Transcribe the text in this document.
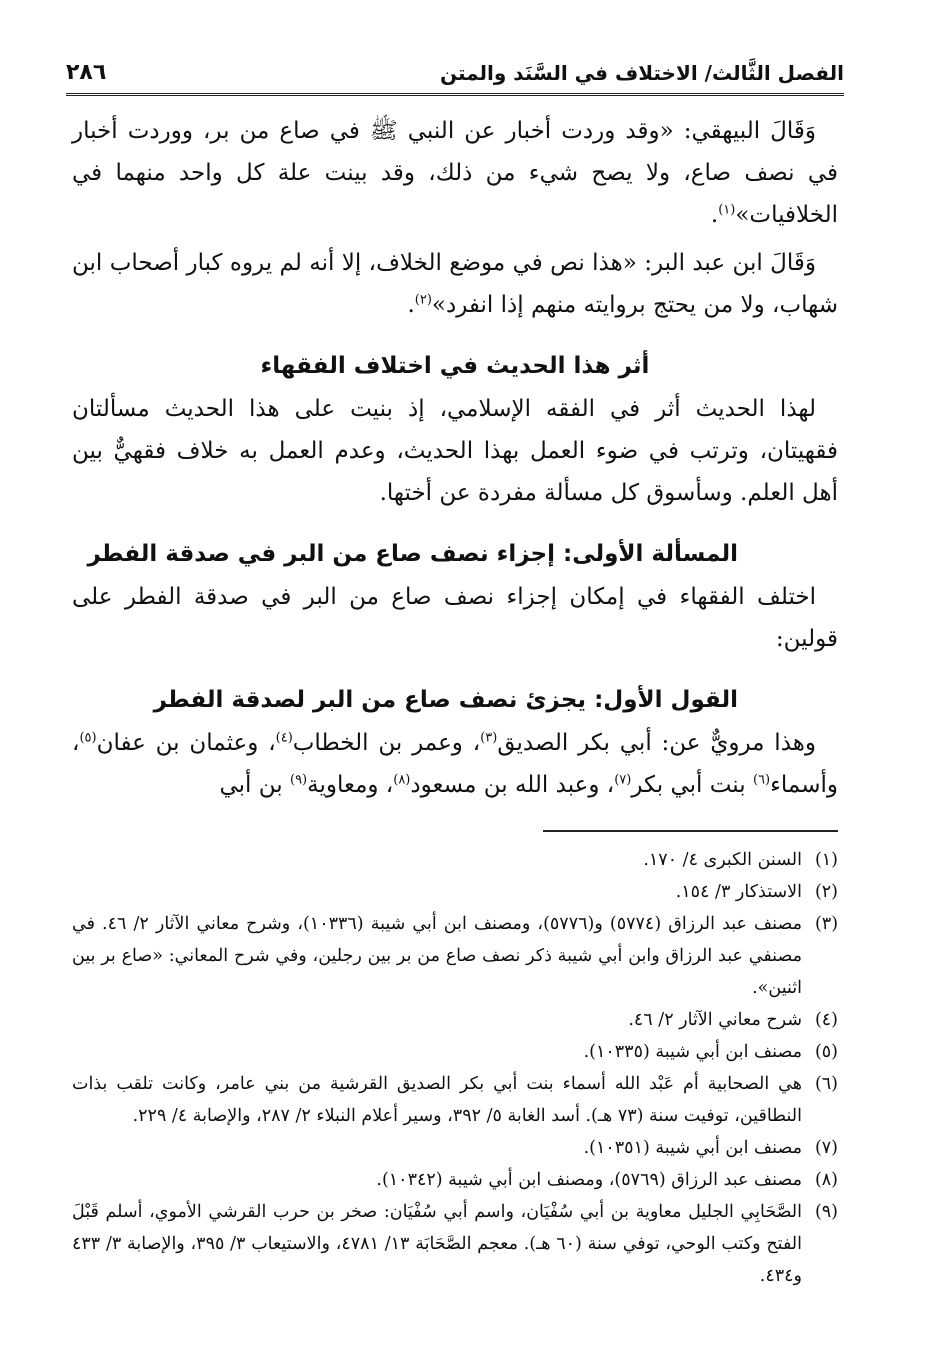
الفصل الثَّالث/ الاختلاف في السَّنَد والمتن
٢٨٦

وَقَالَ البيهقي: «وقد وردت أخبار عن النبي ﷺ في صاع من بر، ووردت أخبار في نصف صاع، ولا يصح شيء من ذلك، وقد بينت علة كل واحد منهما في الخلافيات»$^{(١)}$.

وَقَالَ ابن عبد البر: «هذا نص في موضع الخلاف، إلا أنه لم يروه كبار أصحاب ابن شهاب، ولا من يحتج بروايته منهم إذا انفرد»$^{(٢)}$.

أثر هذا الحديث في اختلاف الفقهاء

لهذا الحديث أثر في الفقه الإسلامي، إذ بنيت على هذا الحديث مسألتان فقهيتان، وترتب في ضوء العمل بهذا الحديث، وعدم العمل به خلاف فقهيٌّ بين أهل العلم. وسأسوق كل مسألة مفردة عن أختها.

المسألة الأولى: إجزاء نصف صاع من البر في صدقة الفطر

اختلف الفقهاء في إمكان إجزاء نصف صاع من البر في صدقة الفطر على قولين:

القول الأول: يجزئ نصف صاع من البر لصدقة الفطر

وهذا مرويٌّ عن: أبي بكر الصديق$^{(٣)}$، وعمر بن الخطاب$^{(٤)}$، وعثمان بن عفان$^{(٥)}$، وأسماء$^{(٦)}$ بنت أبي بكر$^{(٧)}$، وعبد الله بن مسعود$^{(٨)}$، ومعاوية$^{(٩)}$ بن أبي

(١)السنن الكبرى ٤/ ١٧٠.

(٢)الاستذكار ٣/ ١٥٤.

(٣)مصنف عبد الرزاق (٥٧٧٤) و(٥٧٧٦)، ومصنف ابن أبي شيبة (١٠٣٣٦)، وشرح معاني الآثار ٢/ ٤٦. في مصنفي عبد الرزاق وابن أبي شيبة ذكر نصف صاع من بر بين رجلين، وفي شرح المعاني: «صاع بر بين اثنين».

(٤)شرح معاني الآثار ٢/ ٤٦.

(٥)مصنف ابن أبي شيبة (١٠٣٣٥).

(٦)هي الصحابية أم عَبْد الله أسماء بنت أبي بكر الصديق القرشية من بني عامر، وكانت تلقب بذات النطاقين، توفيت سنة (٧٣ هـ). أسد الغابة ٥/ ٣٩٢، وسير أعلام النبلاء ٢/ ٢٨٧، والإصابة ٤/ ٢٢٩.

(٧)مصنف ابن أبي شيبة (١٠٣٥١).

(٨)مصنف عبد الرزاق (٥٧٦٩)، ومصنف ابن أبي شيبة (١٠٣٤٢).

(٩)الصَّحَابِي الجليل معاوية بن أبي سُفْيَان، واسم أبي سُفْيَان: صخر بن حرب القرشي الأموي، أسلم قَبْلَ الفتح وكتب الوحي، توفي سنة (٦٠ هـ). معجم الصَّحَابَة ١٣/ ٤٧٨١، والاستيعاب ٣/ ٣٩٥، والإصابة ٣/ ٤٣٣ و٤٣٤.
